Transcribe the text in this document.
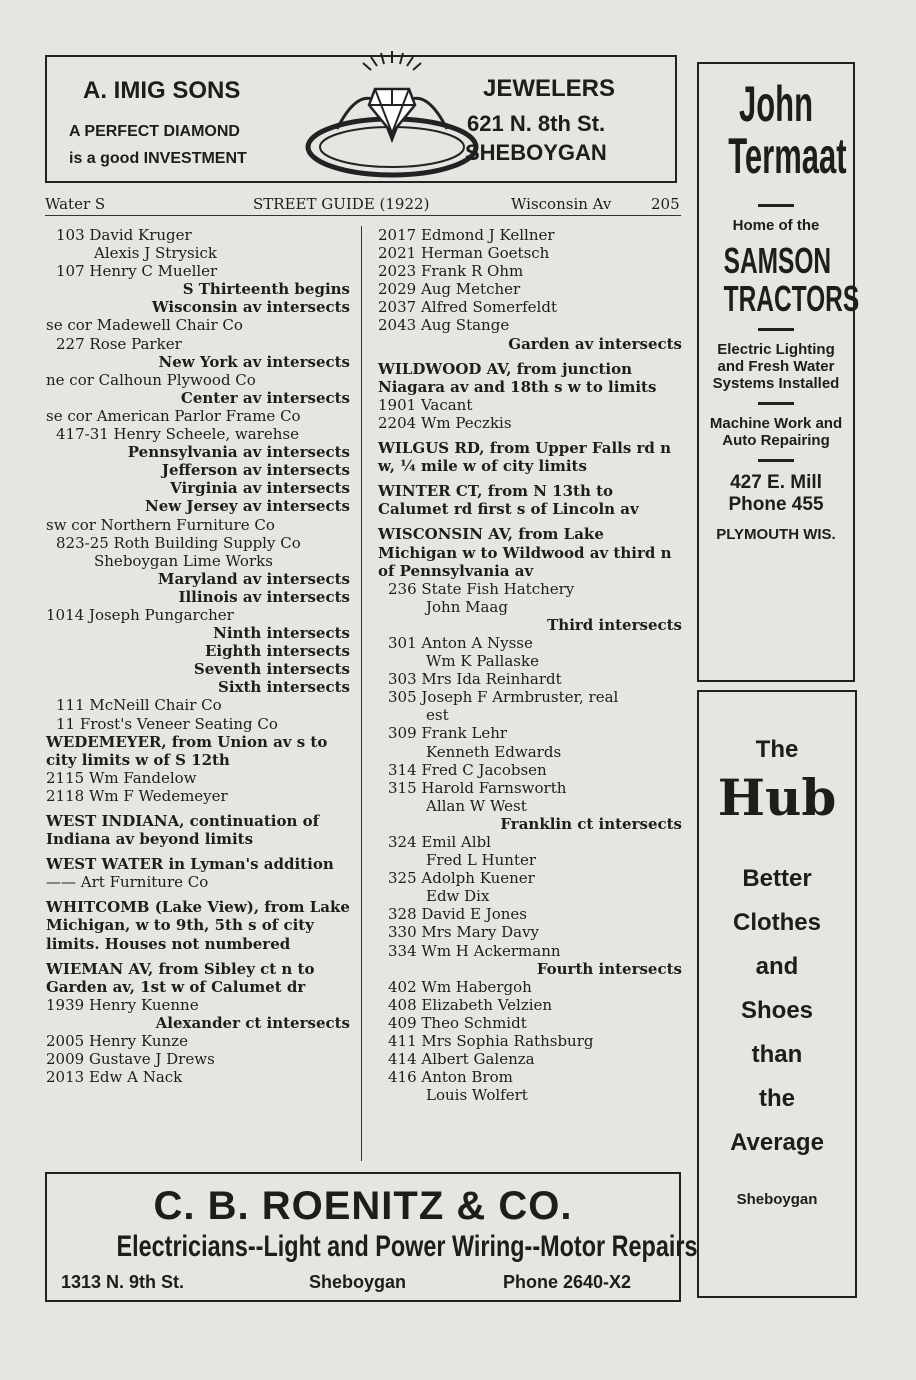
A. IMIG SONS
A PERFECT DIAMOND
is a good INVESTMENT
JEWELERS
621 N. 8th St.
SHEBOYGAN
Water S	STREET GUIDE (1922)	Wisconsin Av	205
103 David Kruger
Alexis J Strysick
107 Henry C Mueller
S Thirteenth begins
Wisconsin av intersects
se cor Madewell Chair Co
227 Rose Parker
New York av intersects
ne cor Calhoun Plywood Co
Center av intersects
se cor American Parlor Frame Co
417-31 Henry Scheele, warehse
Pennsylvania av intersects
Jefferson av intersects
Virginia av intersects
New Jersey av intersects
sw cor Northern Furniture Co
823-25 Roth Building Supply Co
Sheboygan Lime Works
Maryland av intersects
Illinois av intersects
1014 Joseph Pungarcher
Ninth intersects
Eighth intersects
Seventh intersects
Sixth intersects
111 McNeill Chair Co
11 Frost's Veneer Seating Co
WEDEMEYER, from Union av s to city limits w of S 12th
2115 Wm Fandelow
2118 Wm F Wedemeyer
WEST INDIANA, continuation of Indiana av beyond limits
WEST WATER in Lyman's addition
—— Art Furniture Co
WHITCOMB (Lake View), from Lake Michigan, w to 9th, 5th s of city limits. Houses not numbered
WIEMAN AV, from Sibley ct n to Garden av, 1st w of Calumet dr
1939 Henry Kuenne
Alexander ct intersects
2005 Henry Kunze
2009 Gustave J Drews
2013 Edw A Nack
2017 Edmond J Kellner
2021 Herman Goetsch
2023 Frank R Ohm
2029 Aug Metcher
2037 Alfred Somerfeldt
2043 Aug Stange
Garden av intersects
WILDWOOD AV, from junction Niagara av and 18th s w to limits
1901 Vacant
2204 Wm Peczkis
WILGUS RD, from Upper Falls rd n w, ¼ mile w of city limits
WINTER CT, from N 13th to Calumet rd first s of Lincoln av
WISCONSIN AV, from Lake Michigan w to Wildwood av third n of Pennsylvania av
236 State Fish Hatchery
John Maag
Third intersects
301 Anton A Nysse
Wm K Pallaske
303 Mrs Ida Reinhardt
305 Joseph F Armbruster, real
est
309 Frank Lehr
Kenneth Edwards
314 Fred C Jacobsen
315 Harold Farnsworth
Allan W West
Franklin ct intersects
324 Emil Albl
Fred L Hunter
325 Adolph Kuener
Edw Dix
328 David E Jones
330 Mrs Mary Davy
334 Wm H Ackermann
Fourth intersects
402 Wm Habergoh
408 Elizabeth Velzien
409 Theo Schmidt
411 Mrs Sophia Rathsburg
414 Albert Galenza
416 Anton Brom
Louis Wolfert
C. B. ROENITZ & CO.
Electricians--Light and Power Wiring--Motor Repairs
1313 N. 9th St.	Sheboygan	Phone 2640-X2
John
Termaat
Home of the
SAMSON
TRACTORS
Electric Lighting and Fresh Water Systems Installed
Machine Work and Auto Repairing
427 E. Mill
Phone 455
PLYMOUTH WIS.
The
Hub
Better
Clothes
and
Shoes
than
the
Average
Sheboygan
